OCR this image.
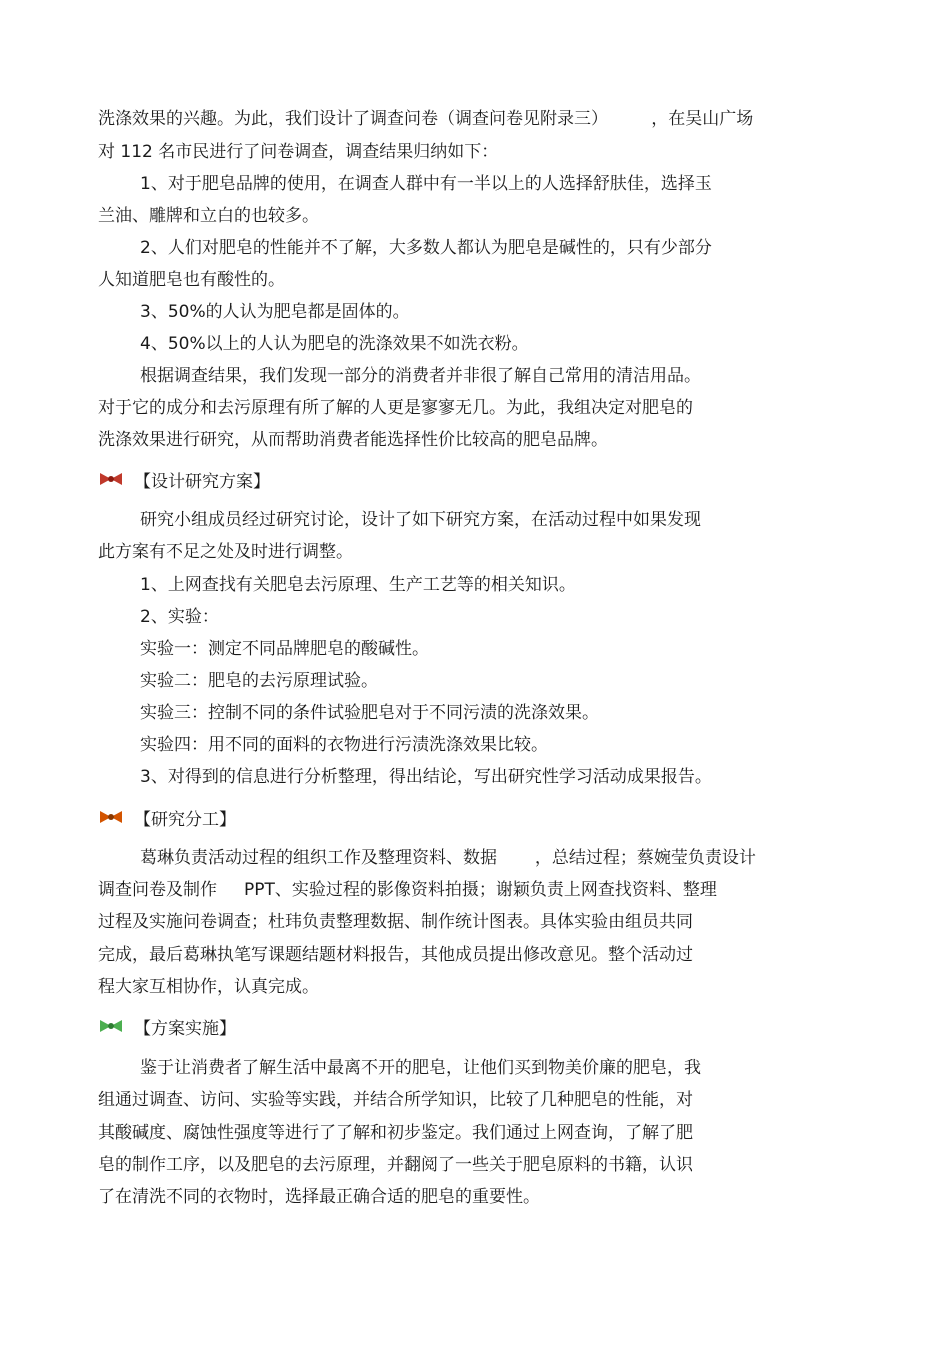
洗涤效果的兴趣。为此，我们设计了调查问卷（调查问卷见附录三）        ，在吴山广场
对 112 名市民进行了问卷调查，调查结果归纳如下：
1、对于肥皂品牌的使用，在调查人群中有一半以上的人选择舒肤佳，选择玉
兰油、雕牌和立白的也较多。
2、人们对肥皂的性能并不了解，大多数人都认为肥皂是碱性的，只有少部分
人知道肥皂也有酸性的。
3、50%的人认为肥皂都是固体的。
4、50%以上的人认为肥皂的洗涤效果不如洗衣粉。
根据调查结果，我们发现一部分的消费者并非很了解自己常用的清洁用品。
对于它的成分和去污原理有所了解的人更是寥寥无几。为此，我组决定对肥皂的
洗涤效果进行研究，从而帮助消费者能选择性价比较高的肥皂品牌。
【设计研究方案】
研究小组成员经过研究讨论，设计了如下研究方案，在活动过程中如果发现
此方案有不足之处及时进行调整。
1、上网查找有关肥皂去污原理、生产工艺等的相关知识。
2、实验：
实验一：测定不同品牌肥皂的酸碱性。
实验二：肥皂的去污原理试验。
实验三：控制不同的条件试验肥皂对于不同污渍的洗涤效果。
实验四：用不同的面料的衣物进行污渍洗涤效果比较。
3、对得到的信息进行分析整理，得出结论，写出研究性学习活动成果报告。
【研究分工】
葛琳负责活动过程的组织工作及整理资料、数据       ，总结过程；蔡婉莹负责设计
调查问卷及制作     PPT、实验过程的影像资料拍摄；谢颖负责上网查找资料、整理
过程及实施问卷调查；杜玮负责整理数据、制作统计图表。具体实验由组员共同
完成，最后葛琳执笔写课题结题材料报告，其他成员提出修改意见。整个活动过
程大家互相协作，认真完成。
【方案实施】
鉴于让消费者了解生活中最离不开的肥皂，让他们买到物美价廉的肥皂，我
组通过调查、访问、实验等实践，并结合所学知识，比较了几种肥皂的性能，对
其酸碱度、腐蚀性强度等进行了了解和初步鉴定。我们通过上网查询，了解了肥
皂的制作工序，以及肥皂的去污原理，并翻阅了一些关于肥皂原料的书籍，认识
了在清洗不同的衣物时，选择最正确合适的肥皂的重要性。
